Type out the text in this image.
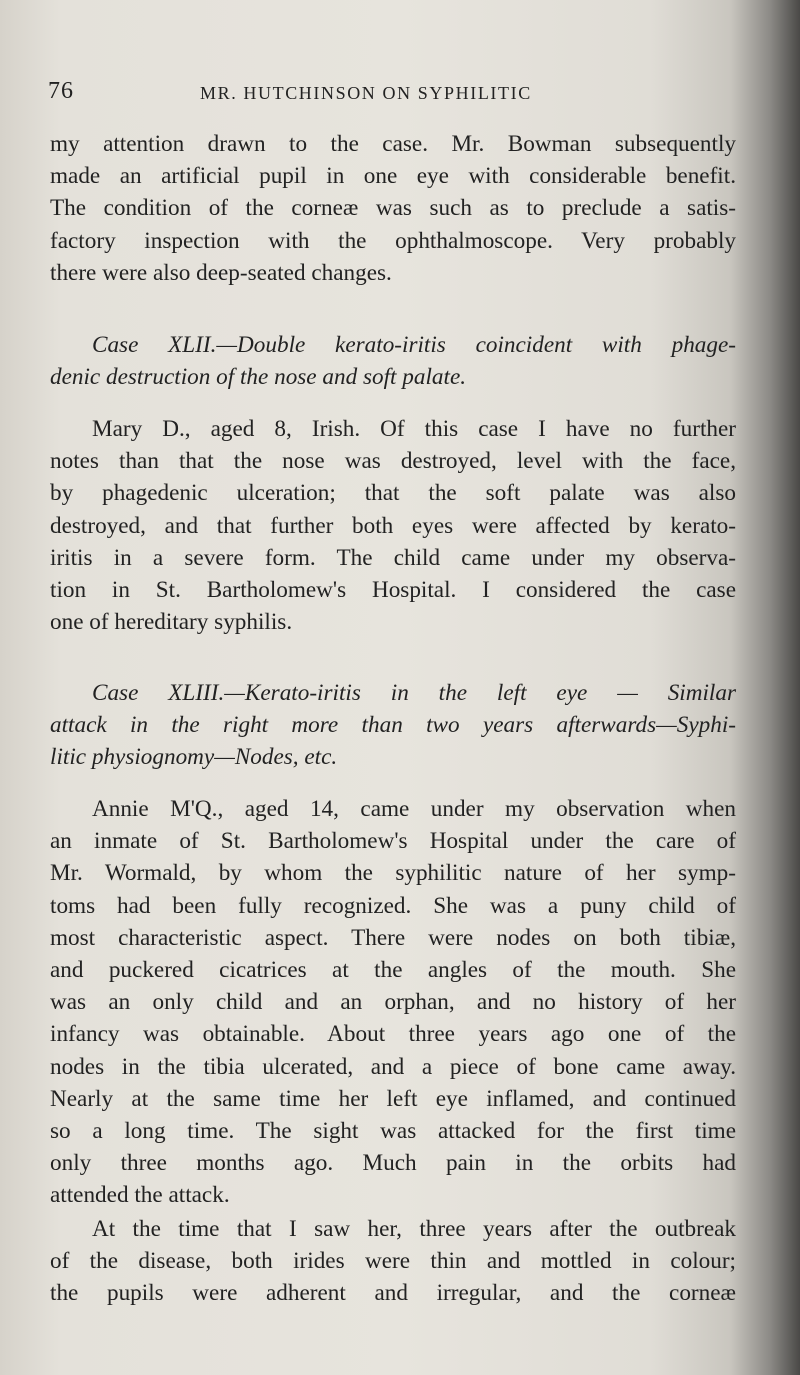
76	MR. HUTCHINSON ON SYPHILITIC
my attention drawn to the case. Mr. Bowman subsequently
made an artificial pupil in one eye with considerable benefit.
The condition of the corneæ was such as to preclude a satis-
factory inspection with the ophthalmoscope. Very probably
there were also deep-seated changes.
Case XLII.—Double kerato-iritis coincident with phage-
denic destruction of the nose and soft palate.
Mary D., aged 8, Irish. Of this case I have no further
notes than that the nose was destroyed, level with the face,
by phagedenic ulceration; that the soft palate was also
destroyed, and that further both eyes were affected by kerato-
iritis in a severe form. The child came under my observa-
tion in St. Bartholomew's Hospital. I considered the case
one of hereditary syphilis.
Case XLIII.—Kerato-iritis in the left eye — Similar
attack in the right more than two years afterwards—Syphi-
litic physiognomy—Nodes, etc.
Annie M'Q., aged 14, came under my observation when
an inmate of St. Bartholomew's Hospital under the care of
Mr. Wormald, by whom the syphilitic nature of her symp-
toms had been fully recognized. She was a puny child of
most characteristic aspect. There were nodes on both tibiæ,
and puckered cicatrices at the angles of the mouth. She
was an only child and an orphan, and no history of her
infancy was obtainable. About three years ago one of the
nodes in the tibia ulcerated, and a piece of bone came away.
Nearly at the same time her left eye inflamed, and continued
so a long time. The sight was attacked for the first time
only three months ago. Much pain in the orbits had
attended the attack.
At the time that I saw her, three years after the outbreak
of the disease, both irides were thin and mottled in colour;
the pupils were adherent and irregular, and the corneæ
